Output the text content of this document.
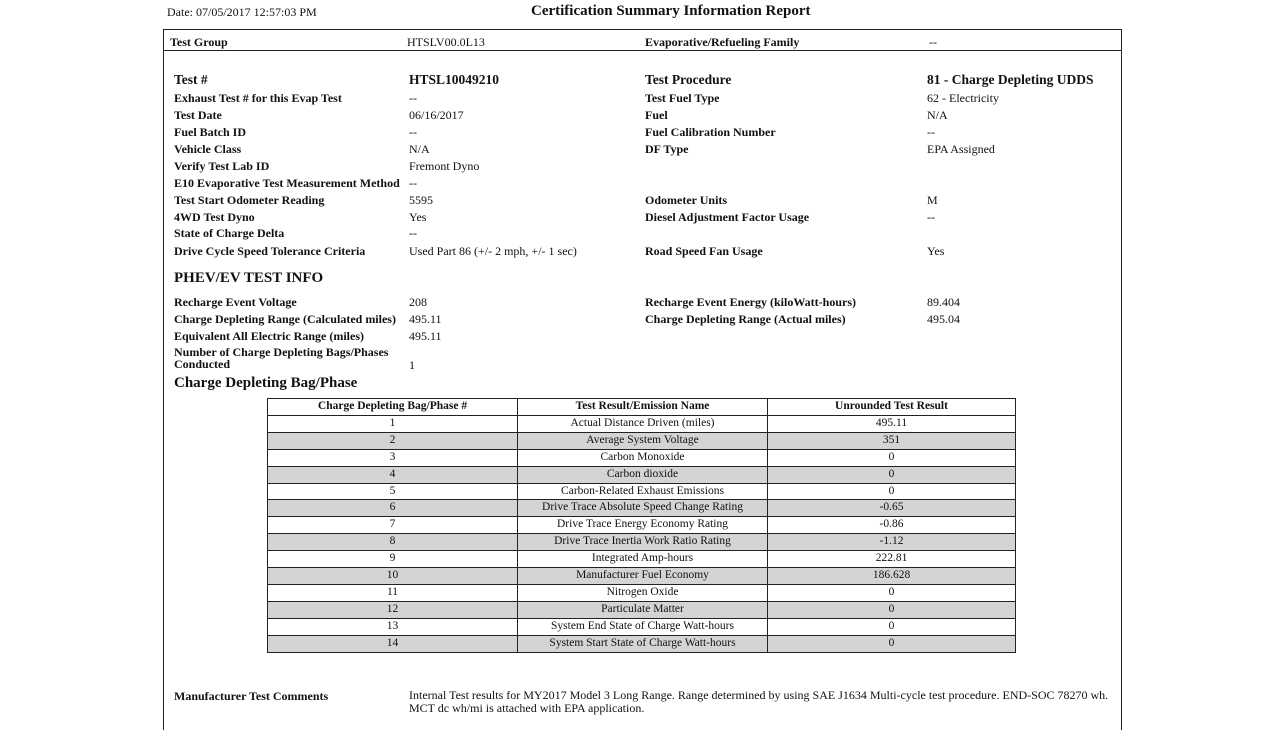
Date: 07/05/2017 12:57:03 PM	Certification Summary Information Report
Test Group	HTSLV00.0L13	Evaporative/Refueling Family	--
Test #	HTSL10049210	Test Procedure	81 - Charge Depleting UDDS
Exhaust Test # for this Evap Test	--	Test Fuel Type	62 - Electricity
Test Date	06/16/2017	Fuel	N/A
Fuel Batch ID	--	Fuel Calibration Number	--
Vehicle Class	N/A	DF Type	EPA Assigned
Verify Test Lab ID	Fremont Dyno
E10 Evaporative Test Measurement Method --
Test Start Odometer Reading	5595	Odometer Units	M
4WD Test Dyno	Yes	Diesel Adjustment Factor Usage	--
State of Charge Delta	--
Drive Cycle Speed Tolerance Criteria	Used Part 86 (+/- 2 mph, +/- 1 sec)	Road Speed Fan Usage	Yes
PHEV/EV TEST INFO
Recharge Event Voltage	208	Recharge Event Energy (kiloWatt-hours)	89.404
Charge Depleting Range (Calculated miles) 495.11	Charge Depleting Range (Actual miles)	495.04
Equivalent All Electric Range (miles)	495.11
Number of Charge Depleting Bags/Phases Conducted	1
Charge Depleting Bag/Phase
Charge Depleting Bag/Phase #	Test Result/Emission Name	Unrounded Test Result
1	Actual Distance Driven (miles)	495.11
2	Average System Voltage	351
3	Carbon Monoxide	0
4	Carbon dioxide	0
5	Carbon-Related Exhaust Emissions	0
6	Drive Trace Absolute Speed Change Rating	-0.65
7	Drive Trace Energy Economy Rating	-0.86
8	Drive Trace Inertia Work Ratio Rating	-1.12
9	Integrated Amp-hours	222.81
10	Manufacturer Fuel Economy	186.628
11	Nitrogen Oxide	0
12	Particulate Matter	0
13	System End State of Charge Watt-hours	0
14	System Start State of Charge Watt-hours	0
Manufacturer Test Comments	Internal Test results for MY2017 Model 3 Long Range. Range determined by using SAE J1634 Multi-cycle test procedure. END-SOC 78270 wh. MCT dc wh/mi is attached with EPA application.
